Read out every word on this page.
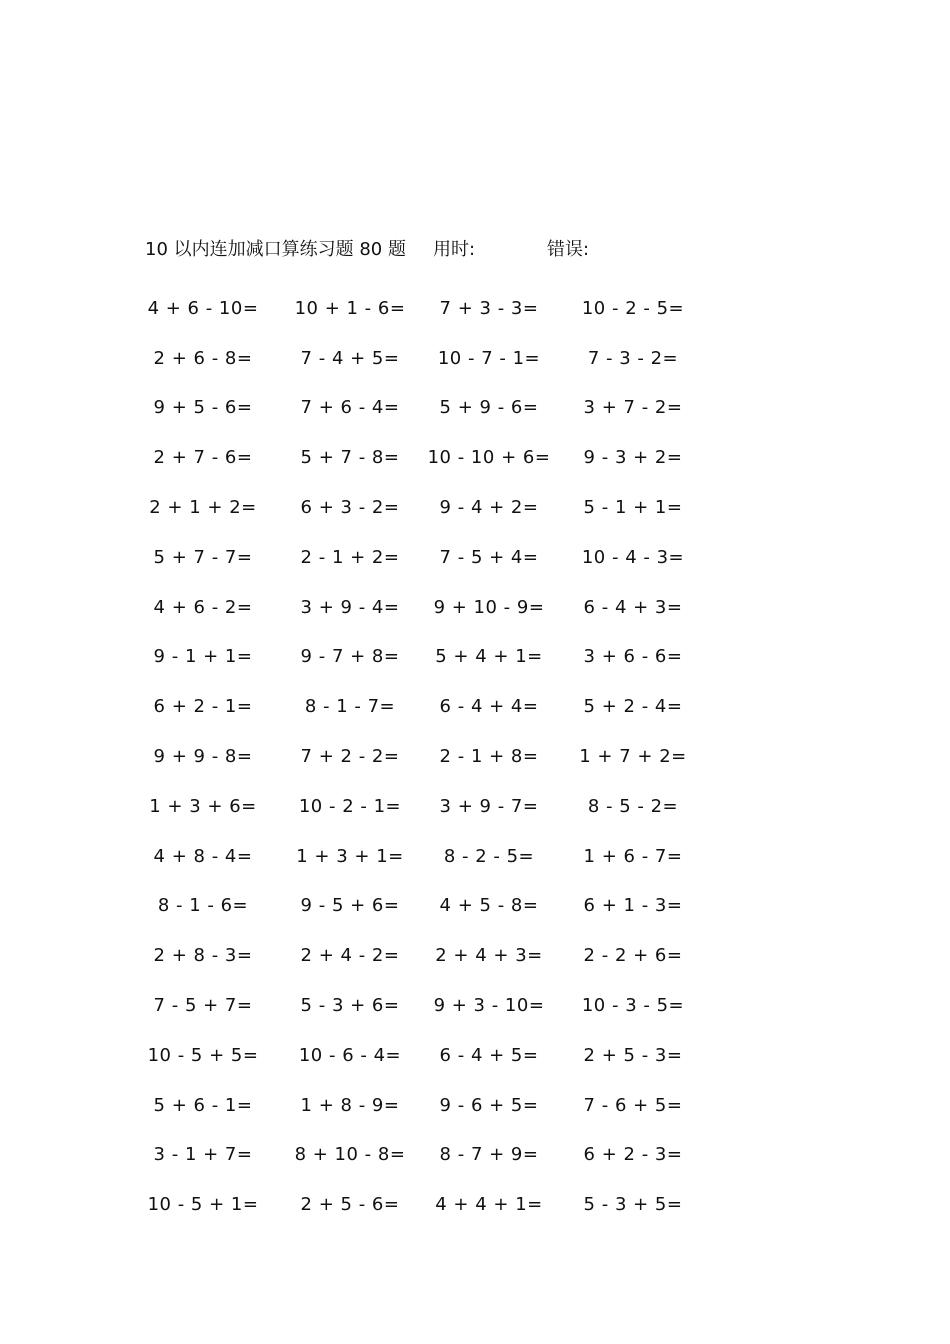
10 以内连加减口算练习题 80 题 用时:	错误:
4 + 6 - 10=	10 + 1 - 6=	7 + 3 - 3=	10 - 2 - 5=
2 + 6 - 8=	7 - 4 + 5=	10 - 7 - 1=	7 - 3 - 2=
9 + 5 - 6=	7 + 6 - 4=	5 + 9 - 6=	3 + 7 - 2=
2 + 7 - 6=	5 + 7 - 8=	10 - 10 + 6=	9 - 3 + 2=
2 + 1 + 2=	6 + 3 - 2=	9 - 4 + 2=	5 - 1 + 1=
5 + 7 - 7=	2 - 1 + 2=	7 - 5 + 4=	10 - 4 - 3=
4 + 6 - 2=	3 + 9 - 4=	9 + 10 - 9=	6 - 4 + 3=
9 - 1 + 1=	9 - 7 + 8=	5 + 4 + 1=	3 + 6 - 6=
6 + 2 - 1=	8 - 1 - 7=	6 - 4 + 4=	5 + 2 - 4=
9 + 9 - 8=	7 + 2 - 2=	2 - 1 + 8=	1 + 7 + 2=
1 + 3 + 6=	10 - 2 - 1=	3 + 9 - 7=	8 - 5 - 2=
4 + 8 - 4=	1 + 3 + 1=	8 - 2 - 5=	1 + 6 - 7=
8 - 1 - 6=	9 - 5 + 6=	4 + 5 - 8=	6 + 1 - 3=
2 + 8 - 3=	2 + 4 - 2=	2 + 4 + 3=	2 - 2 + 6=
7 - 5 + 7=	5 - 3 + 6=	9 + 3 - 10=	10 - 3 - 5=
10 - 5 + 5=	10 - 6 - 4=	6 - 4 + 5=	2 + 5 - 3=
5 + 6 - 1=	1 + 8 - 9=	9 - 6 + 5=	7 - 6 + 5=
3 - 1 + 7=	8 + 10 - 8=	8 - 7 + 9=	6 + 2 - 3=
10 - 5 + 1=	2 + 5 - 6=	4 + 4 + 1=	5 - 3 + 5=
